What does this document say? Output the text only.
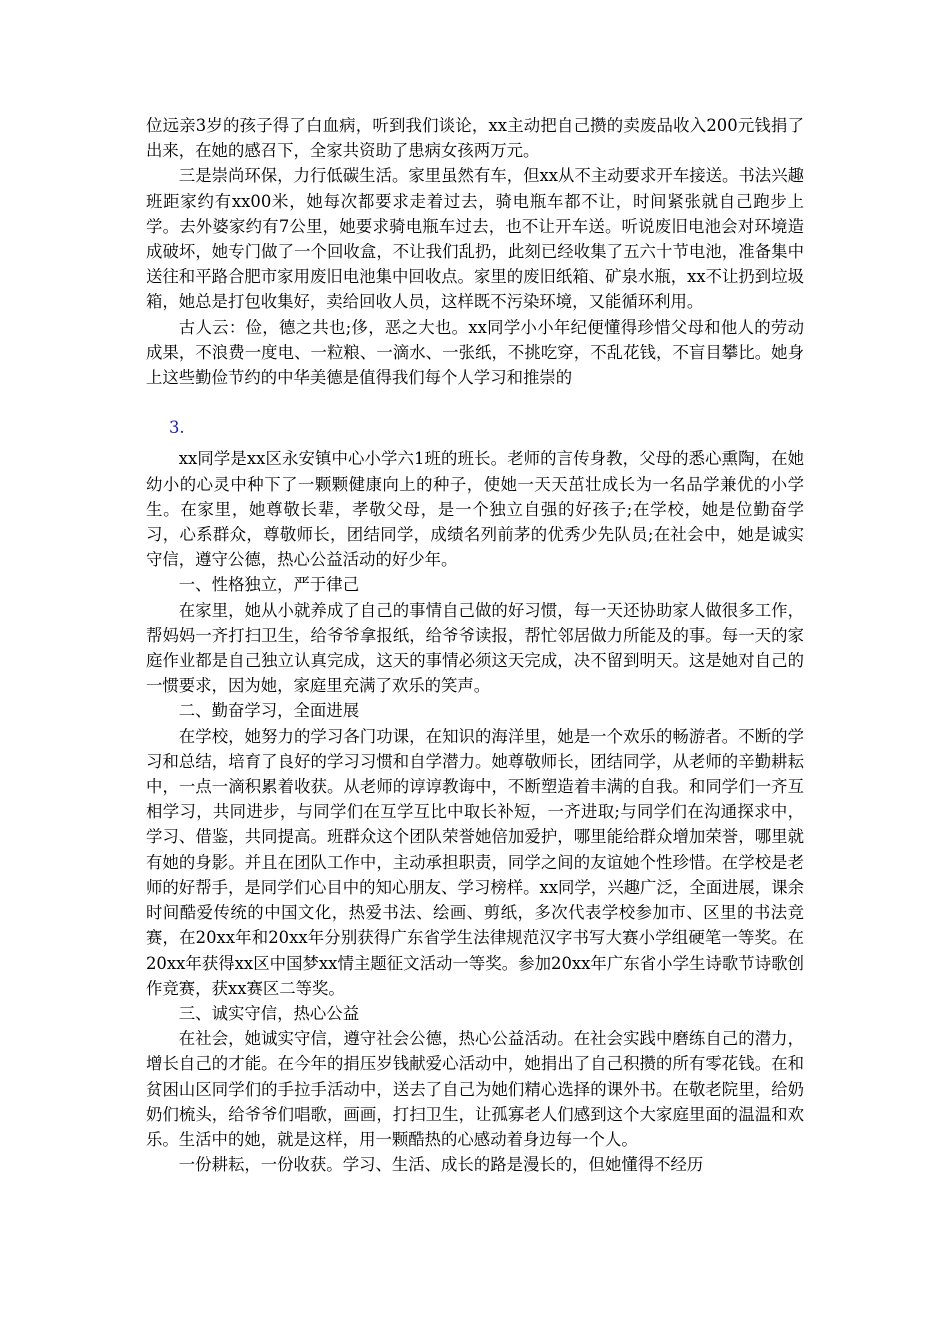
位远亲3岁的孩子得了白血病，听到我们谈论，xx主动把自己攒的卖废品收入200元钱捐了出来，在她的感召下，全家共资助了患病女孩两万元。

三是崇尚环保，力行低碳生活。家里虽然有车，但xx从不主动要求开车接送。书法兴趣班距家约有xx00米，她每次都要求走着过去，骑电瓶车都不让，时间紧张就自己跑步上学。去外婆家约有7公里，她要求骑电瓶车过去，也不让开车送。听说废旧电池会对环境造成破坏，她专门做了一个回收盒，不让我们乱扔，此刻已经收集了五六十节电池，准备集中送往和平路合肥市家用废旧电池集中回收点。家里的废旧纸箱、矿泉水瓶，xx不让扔到垃圾箱，她总是打包收集好，卖给回收人员，这样既不污染环境，又能循环利用。

古人云：俭，德之共也;侈，恶之大也。xx同学小小年纪便懂得珍惜父母和他人的劳动成果，不浪费一度电、一粒粮、一滴水、一张纸，不挑吃穿，不乱花钱，不盲目攀比。她身上这些勤俭节约的中华美德是值得我们每个人学习和推崇的

3.

xx同学是xx区永安镇中心小学六1班的班长。老师的言传身教，父母的悉心熏陶，在她幼小的心灵中种下了一颗颗健康向上的种子，使她一天天茁壮成长为一名品学兼优的小学生。在家里，她尊敬长辈，孝敬父母，是一个独立自强的好孩子;在学校，她是位勤奋学习，心系群众，尊敬师长，团结同学，成绩名列前茅的优秀少先队员;在社会中，她是诚实守信，遵守公德，热心公益活动的好少年。

一、性格独立，严于律己

在家里，她从小就养成了自己的事情自己做的好习惯，每一天还协助家人做很多工作，帮妈妈一齐打扫卫生，给爷爷拿报纸，给爷爷读报，帮忙邻居做力所能及的事。每一天的家庭作业都是自己独立认真完成，这天的事情必须这天完成，决不留到明天。这是她对自己的一惯要求，因为她，家庭里充满了欢乐的笑声。

二、勤奋学习，全面进展

在学校，她努力的学习各门功课，在知识的海洋里，她是一个欢乐的畅游者。不断的学习和总结，培育了良好的学习习惯和自学潜力。她尊敬师长，团结同学，从老师的辛勤耕耘中，一点一滴积累着收获。从老师的谆谆教诲中，不断塑造着丰满的自我。和同学们一齐互相学习，共同进步，与同学们在互学互比中取长补短，一齐进取;与同学们在沟通探求中，学习、借鉴，共同提高。班群众这个团队荣誉她倍加爱护，哪里能给群众增加荣誉，哪里就有她的身影。并且在团队工作中，主动承担职责，同学之间的友谊她个性珍惜。在学校是老师的好帮手，是同学们心目中的知心朋友、学习榜样。xx同学，兴趣广泛，全面进展，课余时间酷爱传统的中国文化，热爱书法、绘画、剪纸，多次代表学校参加市、区里的书法竞赛，在20xx年和20xx年分别获得广东省学生法律规范汉字书写大赛小学组硬笔一等奖。在20xx年获得xx区中国梦xx情主题征文活动一等奖。参加20xx年广东省小学生诗歌节诗歌创作竞赛，获xx赛区二等奖。

三、诚实守信，热心公益

在社会，她诚实守信，遵守社会公德，热心公益活动。在社会实践中磨练自己的潜力，增长自己的才能。在今年的捐压岁钱献爱心活动中，她捐出了自己积攒的所有零花钱。在和贫困山区同学们的手拉手活动中，送去了自己为她们精心选择的课外书。在敬老院里，给奶奶们梳头，给爷爷们唱歌，画画，打扫卫生，让孤寡老人们感到这个大家庭里面的温温和欢乐。生活中的她，就是这样，用一颗酷热的心感动着身边每一个人。

一份耕耘，一份收获。学习、生活、成长的路是漫长的，但她懂得不经历
